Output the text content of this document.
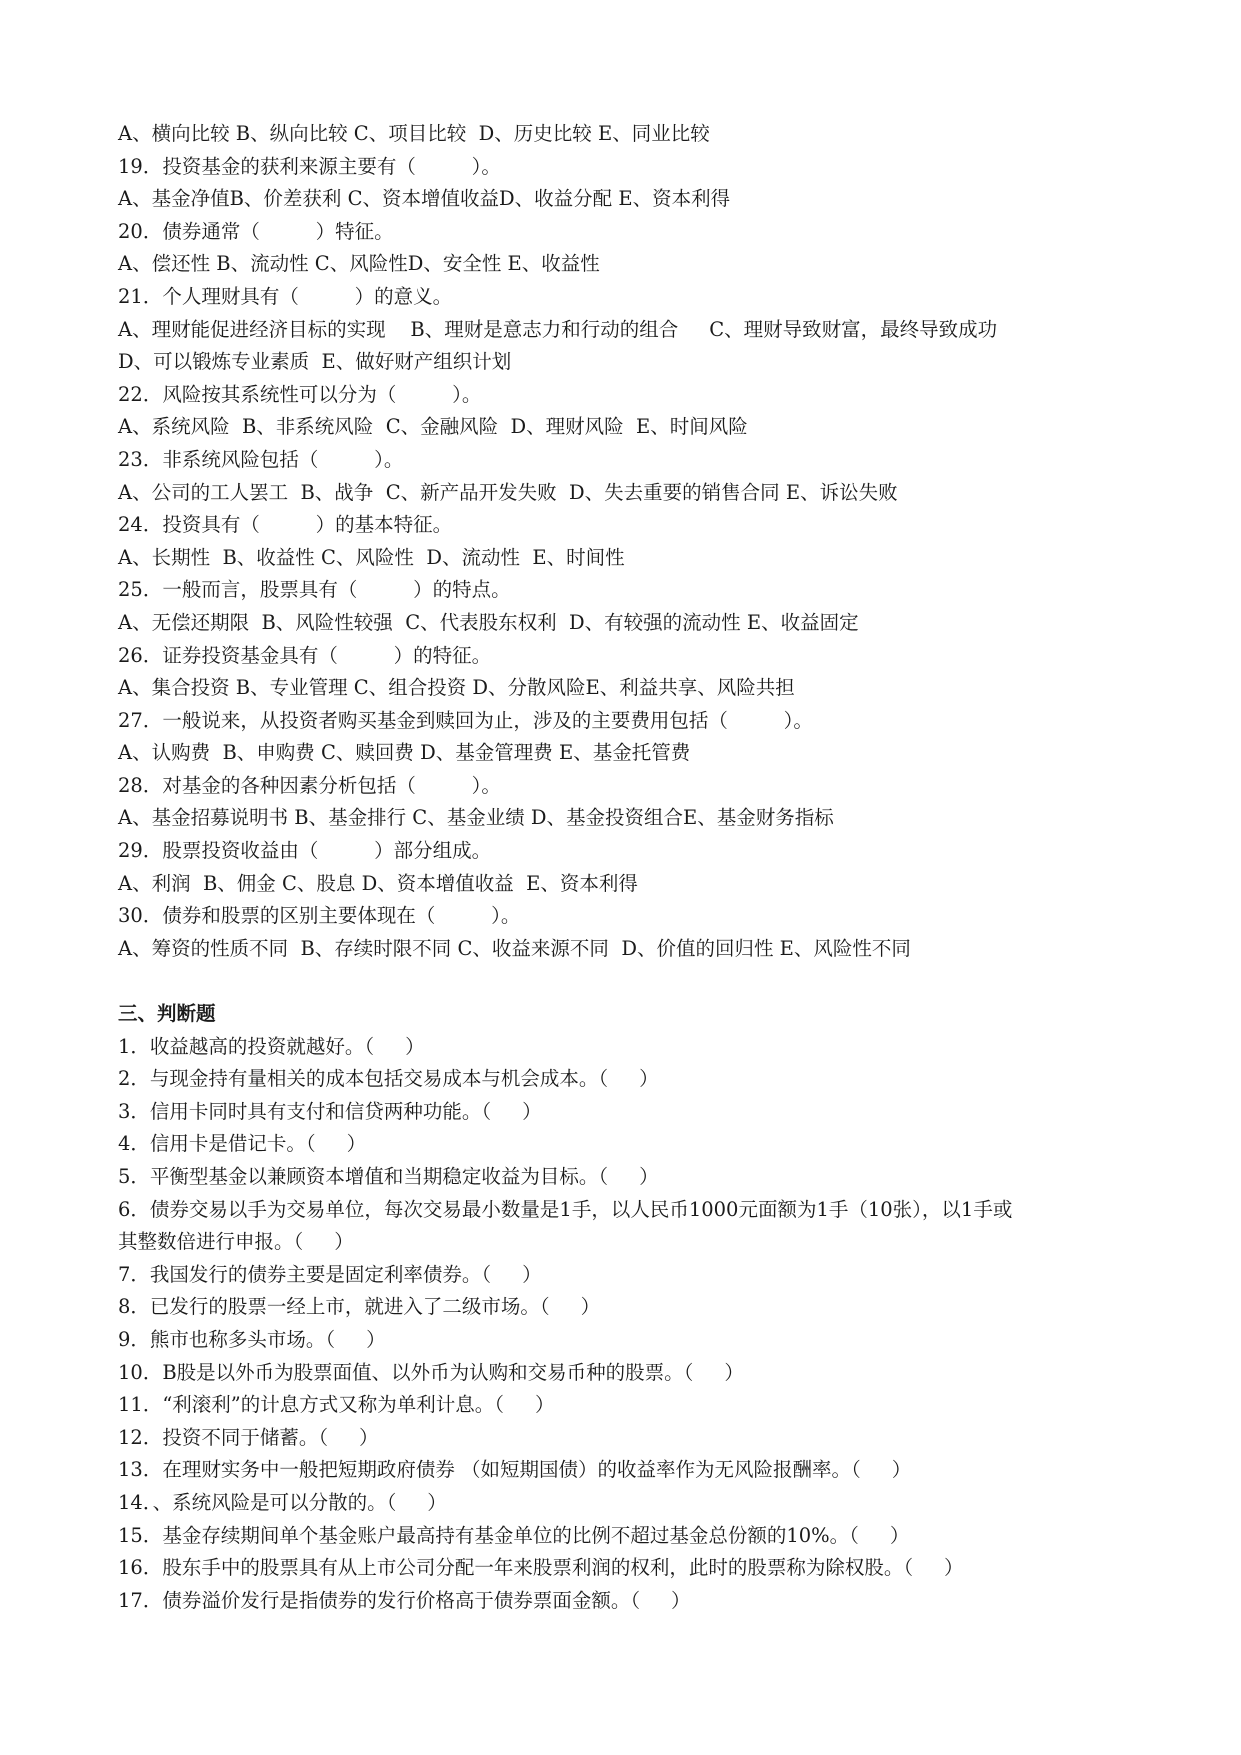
A、横向比较 B、纵向比较 C、项目比较  D、历史比较 E、同业比较
19．投资基金的获利来源主要有（         ）。
A、基金净值B、价差获利 C、资本增值收益D、收益分配 E、资本利得
20．债券通常（         ）特征。
A、偿还性 B、流动性 C、风险性D、安全性 E、收益性
21．个人理财具有（         ）的意义。
A、理财能促进经济目标的实现    B、理财是意志力和行动的组合     C、理财导致财富，最终导致成功
D、可以锻炼专业素质  E、做好财产组织计划
22．风险按其系统性可以分为（         ）。
A、系统风险  B、非系统风险  C、金融风险  D、理财风险  E、时间风险
23．非系统风险包括（         ）。
A、公司的工人罢工  B、战争  C、新产品开发失败  D、失去重要的销售合同 E、诉讼失败
24．投资具有（         ）的基本特征。
A、长期性  B、收益性 C、风险性  D、流动性  E、时间性
25．一般而言，股票具有（         ）的特点。
A、无偿还期限  B、风险性较强  C、代表股东权利  D、有较强的流动性 E、收益固定
26．证券投资基金具有（         ）的特征。
A、集合投资 B、专业管理 C、组合投资 D、分散风险E、利益共享、风险共担
27．一般说来，从投资者购买基金到赎回为止，涉及的主要费用包括（         ）。
A、认购费  B、申购费 C、赎回费 D、基金管理费 E、基金托管费
28．对基金的各种因素分析包括（         ）。
A、基金招募说明书 B、基金排行 C、基金业绩 D、基金投资组合E、基金财务指标
29．股票投资收益由（         ）部分组成。
A、利润  B、佣金 C、股息 D、资本增值收益  E、资本利得
30．债券和股票的区别主要体现在（         ）。
A、筹资的性质不同  B、存续时限不同 C、收益来源不同  D、价值的回归性 E、风险性不同
三、判断题
1．收益越高的投资就越好。（     ）
2．与现金持有量相关的成本包括交易成本与机会成本。（     ）
3．信用卡同时具有支付和信贷两种功能。（     ）
4．信用卡是借记卡。（     ）
5．平衡型基金以兼顾资本增值和当期稳定收益为目标。（     ）
6．债券交易以手为交易单位，每次交易最小数量是1手，以人民币1000元面额为1手（10张），以1手或
其整数倍进行申报。（     ）
7．我国发行的债券主要是固定利率债券。（     ）
8．已发行的股票一经上市，就进入了二级市场。（     ）
9．熊市也称多头市场。（     ）
10．B股是以外币为股票面值、以外币为认购和交易币种的股票。（     ）
11．“利滚利”的计息方式又称为单利计息。（     ）
12．投资不同于储蓄。（     ）
13．在理财实务中一般把短期政府债券 （如短期国债）的收益率作为无风险报酬率。（     ）
14．、系统风险是可以分散的。（     ）
15．基金存续期间单个基金账户最高持有基金单位的比例不超过基金总份额的10%。（     ）
16．股东手中的股票具有从上市公司分配一年来股票利润的权利，此时的股票称为除权股。（     ）
17．债券溢价发行是指债券的发行价格高于债券票面金额。（     ）
